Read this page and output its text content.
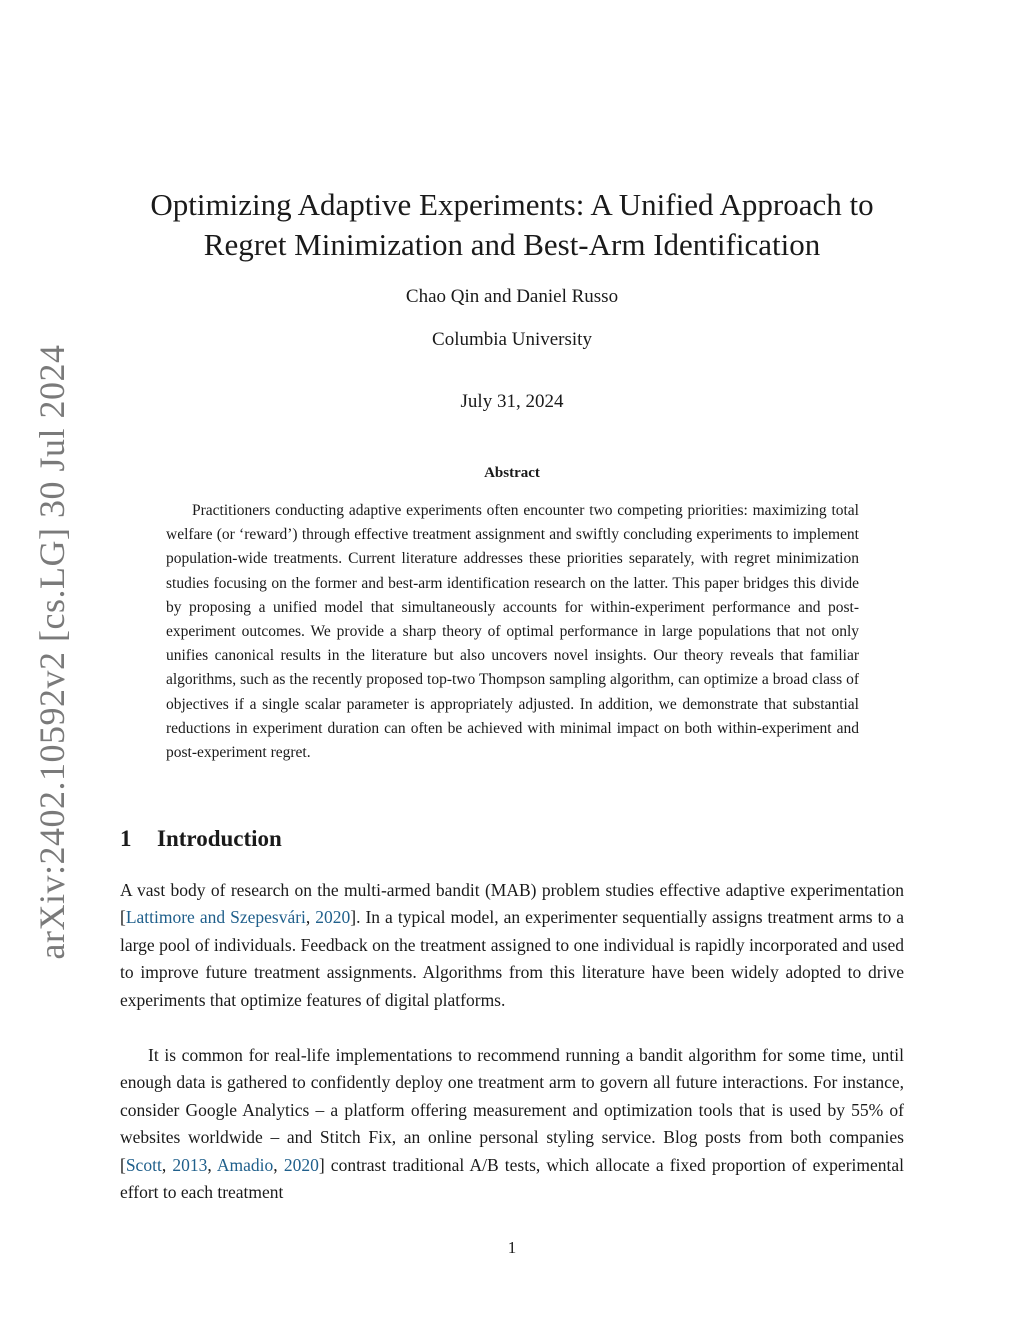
arXiv:2402.10592v2 [cs.LG] 30 Jul 2024
Optimizing Adaptive Experiments: A Unified Approach to
Regret Minimization and Best-Arm Identification
Chao Qin and Daniel Russo
Columbia University
July 31, 2024
Abstract

Practitioners conducting adaptive experiments often encounter two competing priorities: maximizing total welfare (or ‘reward’) through effective treatment assignment and swiftly concluding experiments to implement population-wide treatments. Current literature addresses these priorities separately, with regret minimization studies focusing on the former and best-arm identification research on the latter. This paper bridges this divide by proposing a unified model that simultaneously accounts for within-experiment performance and post-experiment outcomes. We provide a sharp theory of optimal performance in large populations that not only unifies canonical results in the literature but also uncovers novel insights. Our theory reveals that familiar algorithms, such as the recently proposed top-two Thompson sampling algorithm, can optimize a broad class of objectives if a single scalar parameter is appropriately adjusted. In addition, we demonstrate that substantial reductions in experiment duration can often be achieved with minimal impact on both within-experiment and post-experiment regret.

1 Introduction

A vast body of research on the multi-armed bandit (MAB) problem studies effective adaptive experimentation [Lattimore and Szepesvári, 2020]. In a typical model, an experimenter sequentially assigns treatment arms to a large pool of individuals. Feedback on the treatment assigned to one individual is rapidly incorporated and used to improve future treatment assignments. Algorithms from this literature have been widely adopted to drive experiments that optimize features of digital platforms.

It is common for real-life implementations to recommend running a bandit algorithm for some time, until enough data is gathered to confidently deploy one treatment arm to govern all future interactions. For instance, consider Google Analytics – a platform offering measurement and optimization tools that is used by 55% of websites worldwide – and Stitch Fix, an online personal styling service. Blog posts from both companies [Scott, 2013, Amadio, 2020] contrast traditional A/B tests, which allocate a fixed proportion of experimental effort to each treatment

1
